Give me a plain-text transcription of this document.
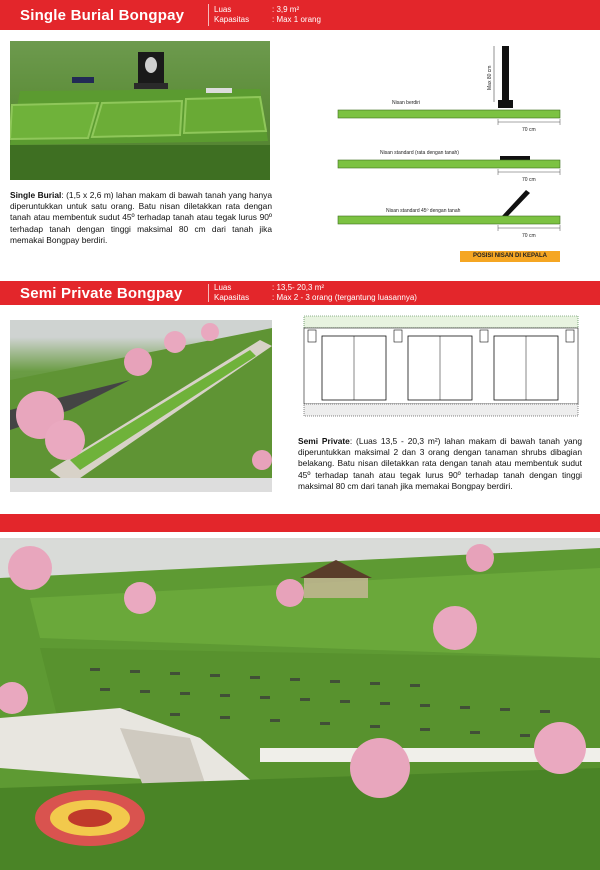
Single Burial Bongpay	Luas	: 3,9 m²
Kapasitas	: Max 1 orang
Single Burial: (1,5 x 2,6 m) lahan makam di bawah tanah yang hanya diperuntukkan untuk satu orang. Batu nisan diletakkan rata dengan tanah atau membentuk sudut 45º terhadap tanah atau tegak lurus 90º terhadap tanah dengan tinggi maksimal 80 cm dari tanah jika memakai Bongpay berdiri.
Max 80 cm
Nisan berdiri
70 cm
Nisan standard (rata dengan tanah)
70 cm
Nisan standard 45º dengan tanah
70 cm
POSISI NISAN DI KEPALA
Semi Private Bongpay	Luas	: 13,5- 20,3 m²
Kapasitas	: Max 2 - 3 orang (tergantung luasannya)
Semi Private: (Luas 13,5 - 20,3 m²) lahan makam di bawah tanah yang diperuntukkan maksimal 2 dan 3 orang dengan tanaman shrubs dibagian belakang. Batu nisan diletakkan rata dengan tanah atau membentuk sudut 45º terhadap tanah atau tegak lurus 90º terhadap tanah dengan tinggi maksimal 80 cm dari tanah jika memakai Bongpay berdiri.
